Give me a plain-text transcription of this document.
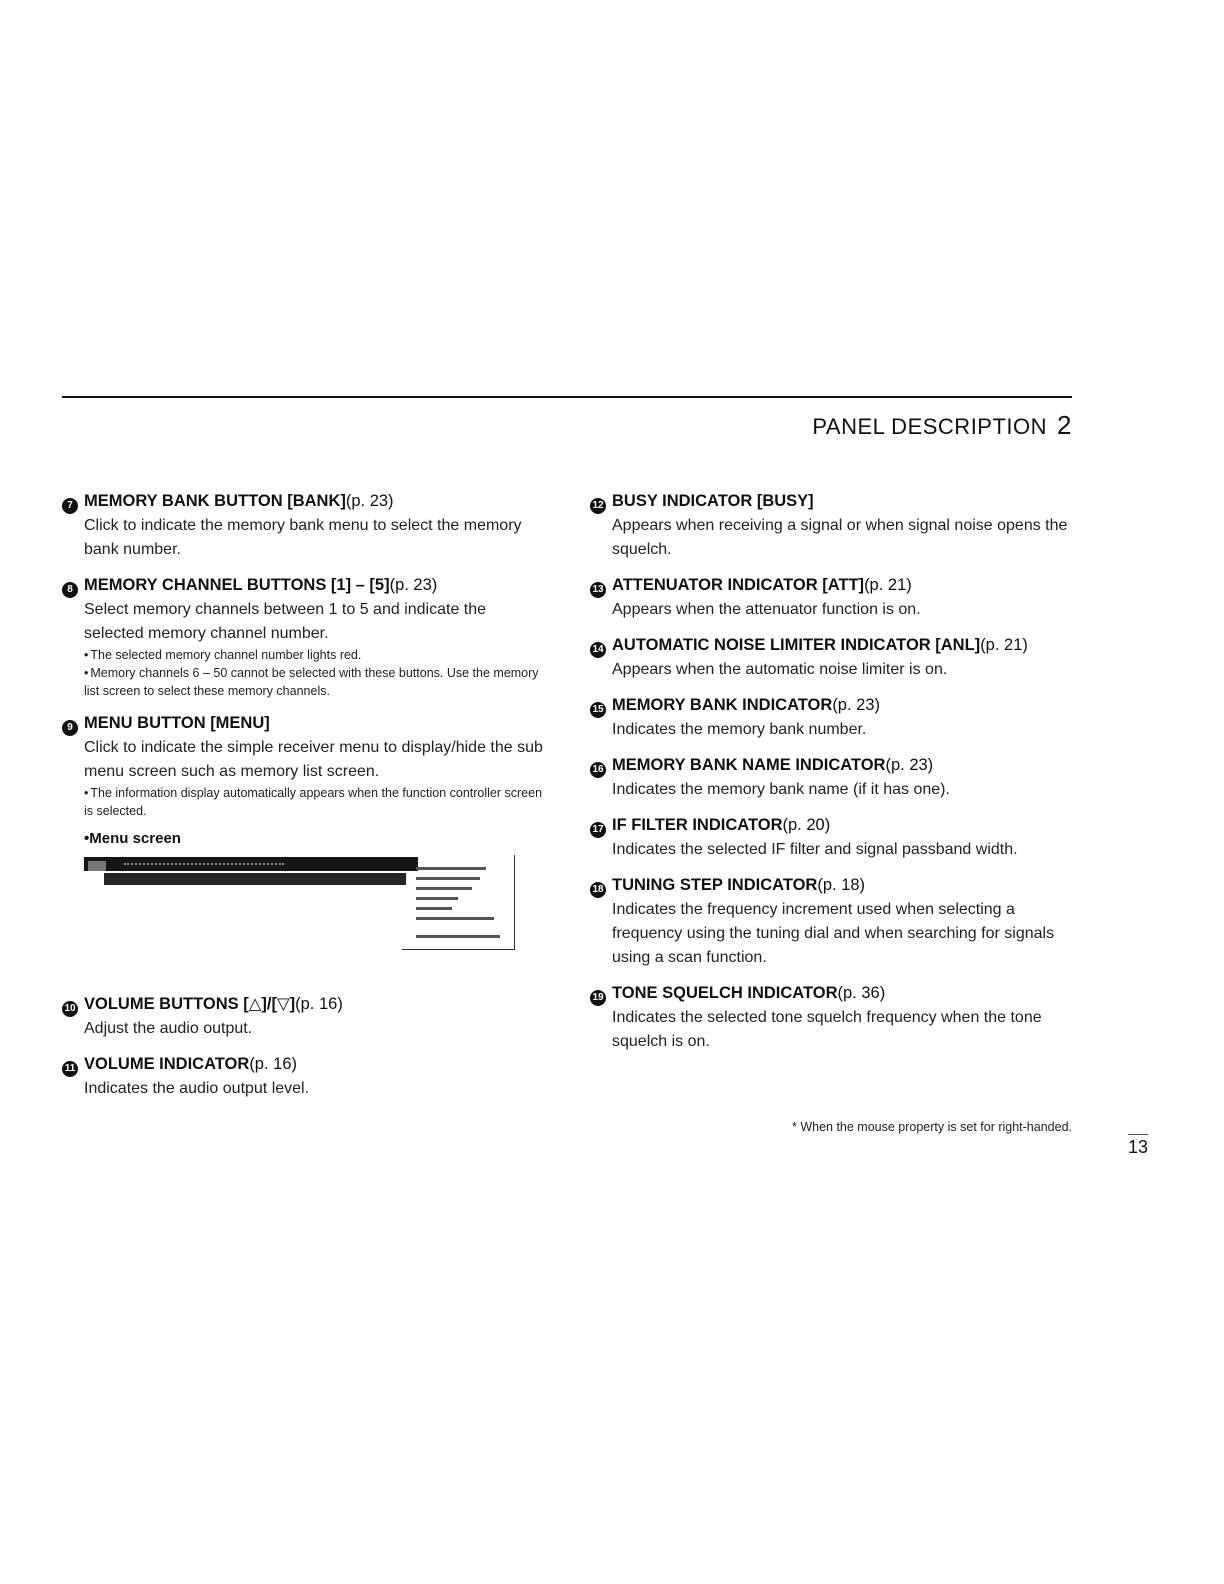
PANEL DESCRIPTION 2
7 MEMORY BANK BUTTON [BANK](p. 23)
Click to indicate the memory bank menu to select the memory bank number.
8 MEMORY CHANNEL BUTTONS [1] – [5](p. 23)
Select memory channels between 1 to 5 and indicate the selected memory channel number.
• The selected memory channel number lights red.
• Memory channels 6 – 50 cannot be selected with these buttons. Use the memory list screen to select these memory channels.
9 MENU BUTTON [MENU]
Click to indicate the simple receiver menu to display/hide the sub menu screen such as memory list screen.
• The information display automatically appears when the function controller screen is selected.
•Menu screen
10 VOLUME BUTTONS [△]/[▽](p. 16)
Adjust the audio output.
11 VOLUME INDICATOR(p. 16)
Indicates the audio output level.
12 BUSY INDICATOR [BUSY]
Appears when receiving a signal or when signal noise opens the squelch.
13 ATTENUATOR INDICATOR [ATT](p. 21)
Appears when the attenuator function is on.
14 AUTOMATIC NOISE LIMITER INDICATOR [ANL](p. 21)
Appears when the automatic noise limiter is on.
15 MEMORY BANK INDICATOR(p. 23)
Indicates the memory bank number.
16 MEMORY BANK NAME INDICATOR(p. 23)
Indicates the memory bank name (if it has one).
17 IF FILTER INDICATOR(p. 20)
Indicates the selected IF filter and signal passband width.
18 TUNING STEP INDICATOR(p. 18)
Indicates the frequency increment used when selecting a frequency using the tuning dial and when searching for signals using a scan function.
19 TONE SQUELCH INDICATOR(p. 36)
Indicates the selected tone squelch frequency when the tone squelch is on.
* When the mouse property is set for right-handed.
13
